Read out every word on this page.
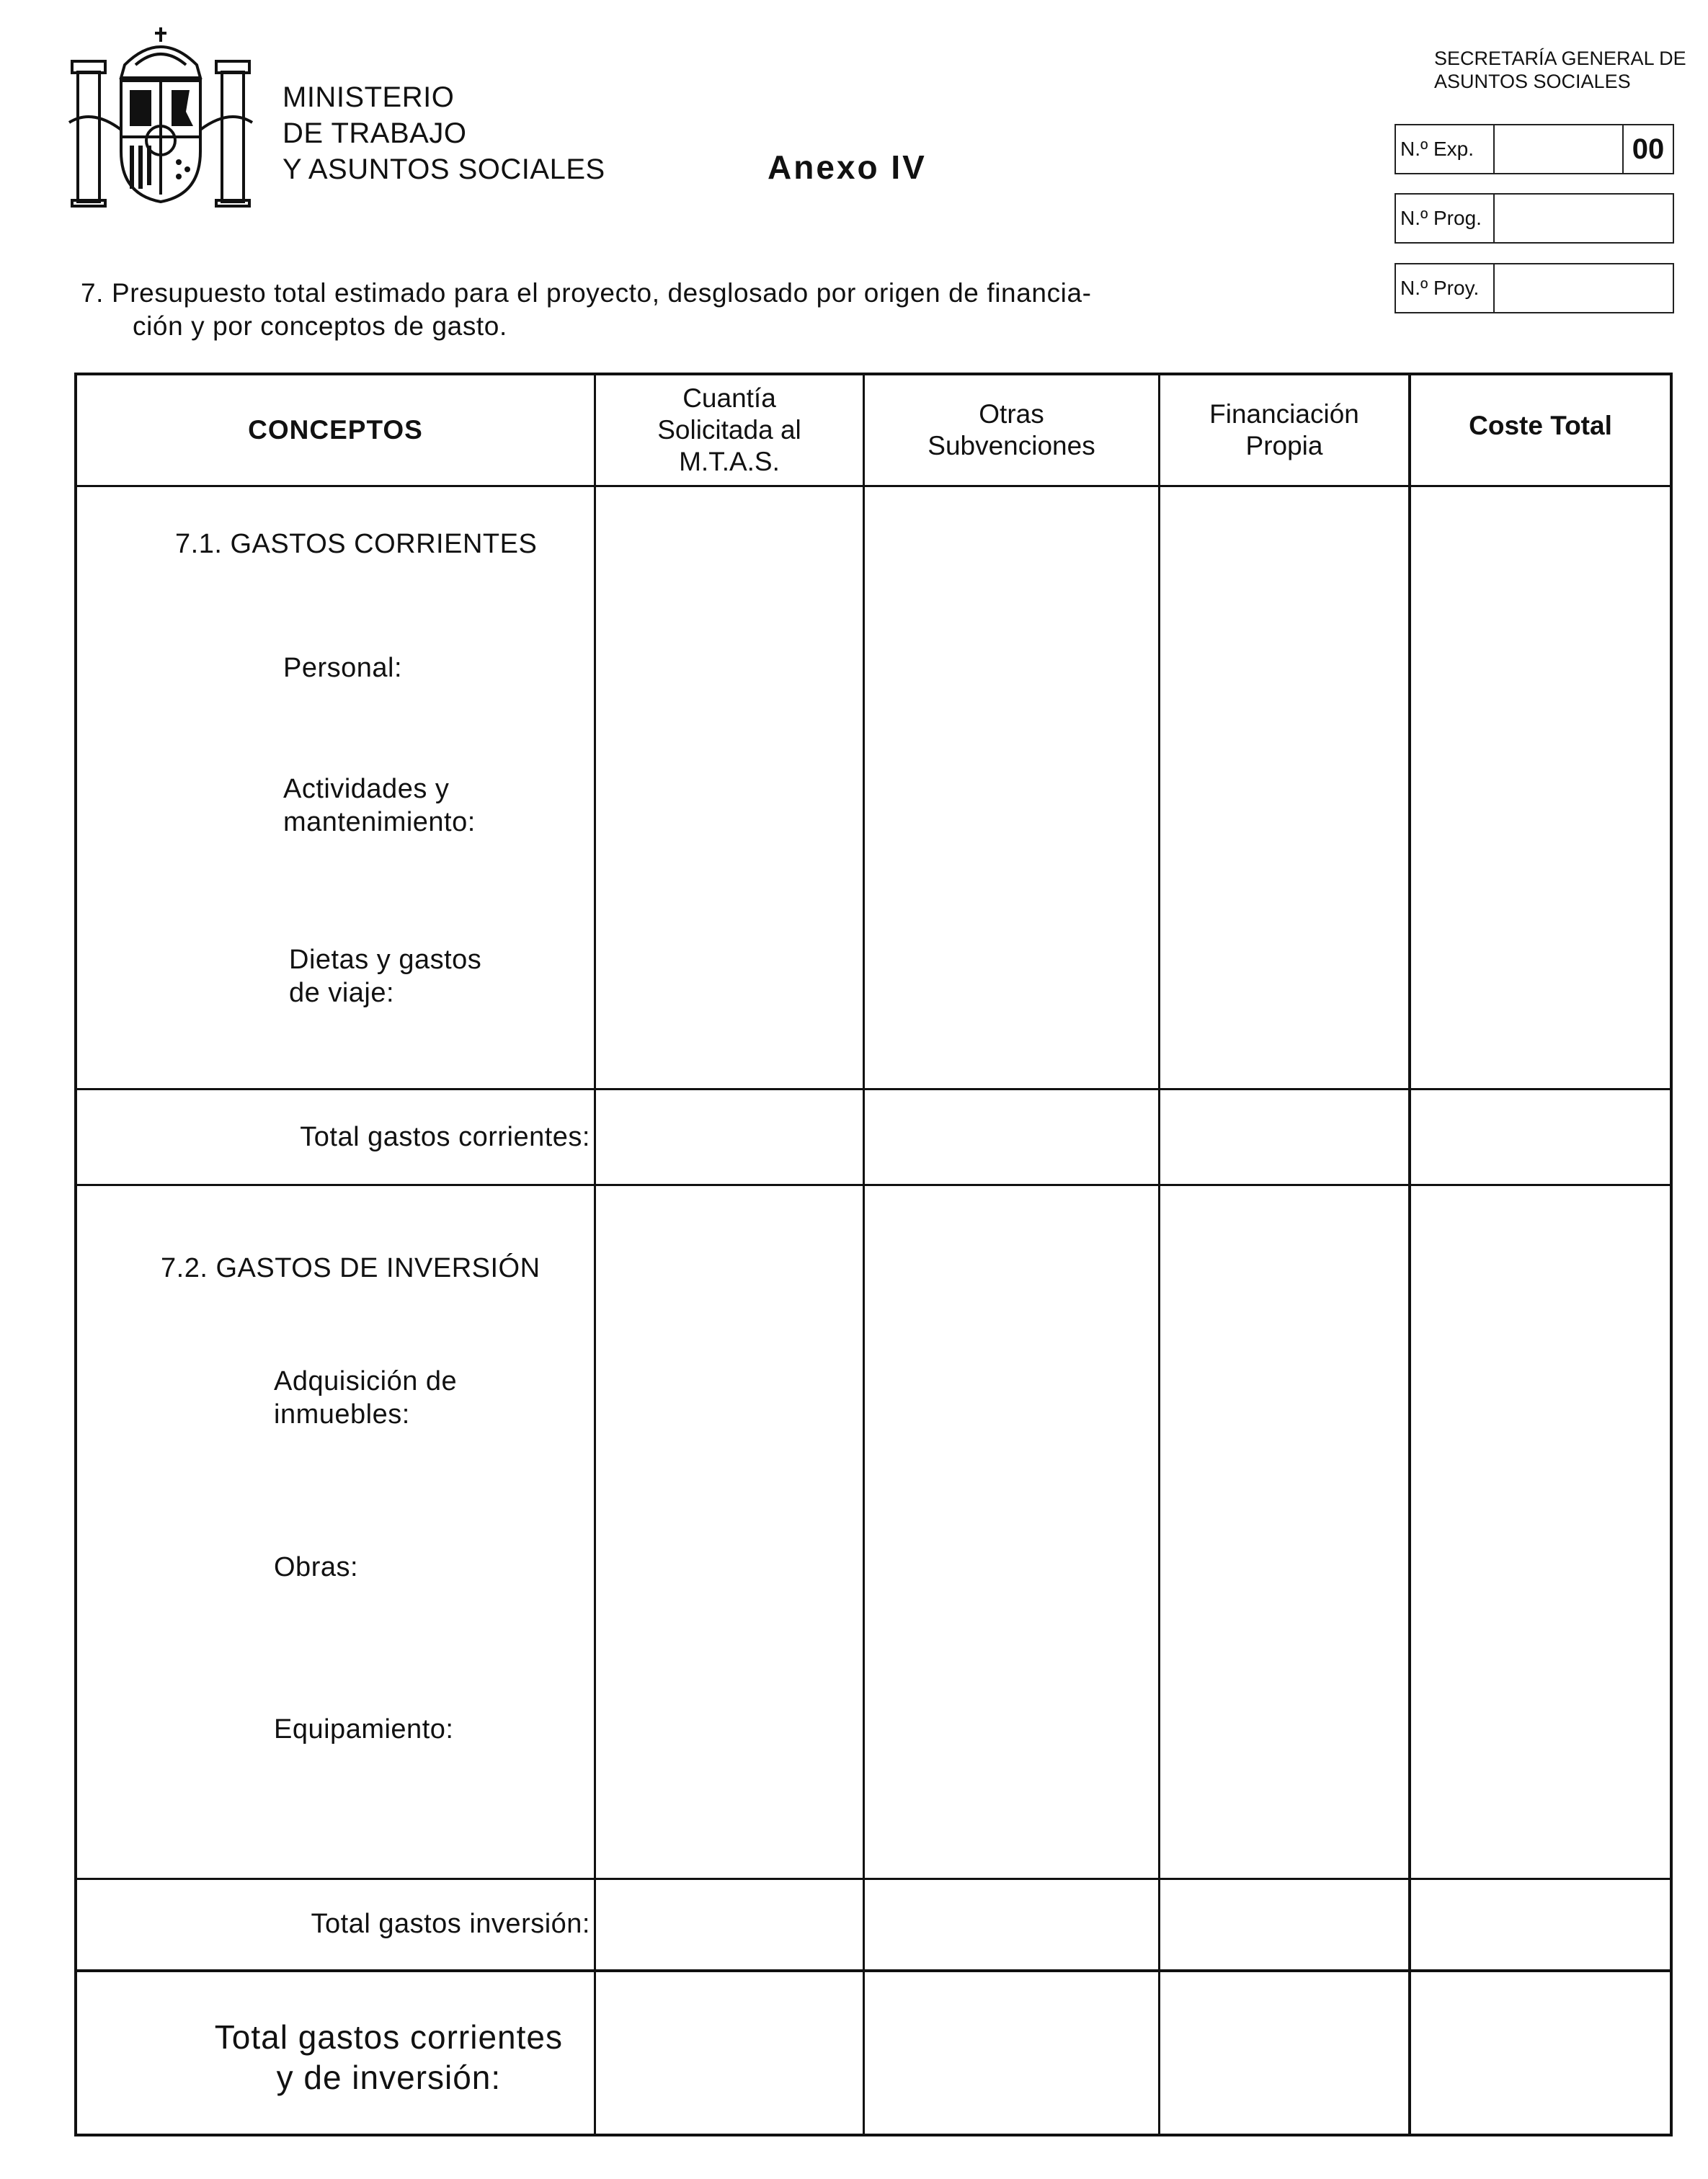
MINISTERIO
DE TRABAJO
Y ASUNTOS SOCIALES	Anexo IV
SECRETARÍA GENERAL DE
ASUNTOS SOCIALES
N.º Exp.	00
N.º Prog.
N.º Proy.
7. Presupuesto total estimado para el proyecto, desglosado por origen de financia-
ción y por conceptos de gasto.
CONCEPTOS
Cuantía
Solicitada al
M.T.A.S.
Otras
Subvenciones
Financiación
Propia
Coste Total
7.1. GASTOS CORRIENTES
Personal:
Actividades y
mantenimiento:
Dietas y gastos
de viaje:
Total gastos corrientes:
7.2. GASTOS DE INVERSIÓN
Adquisición de
inmuebles:
Obras:
Equipamiento:
Total gastos inversión:
Total gastos corrientes
y de inversión:
